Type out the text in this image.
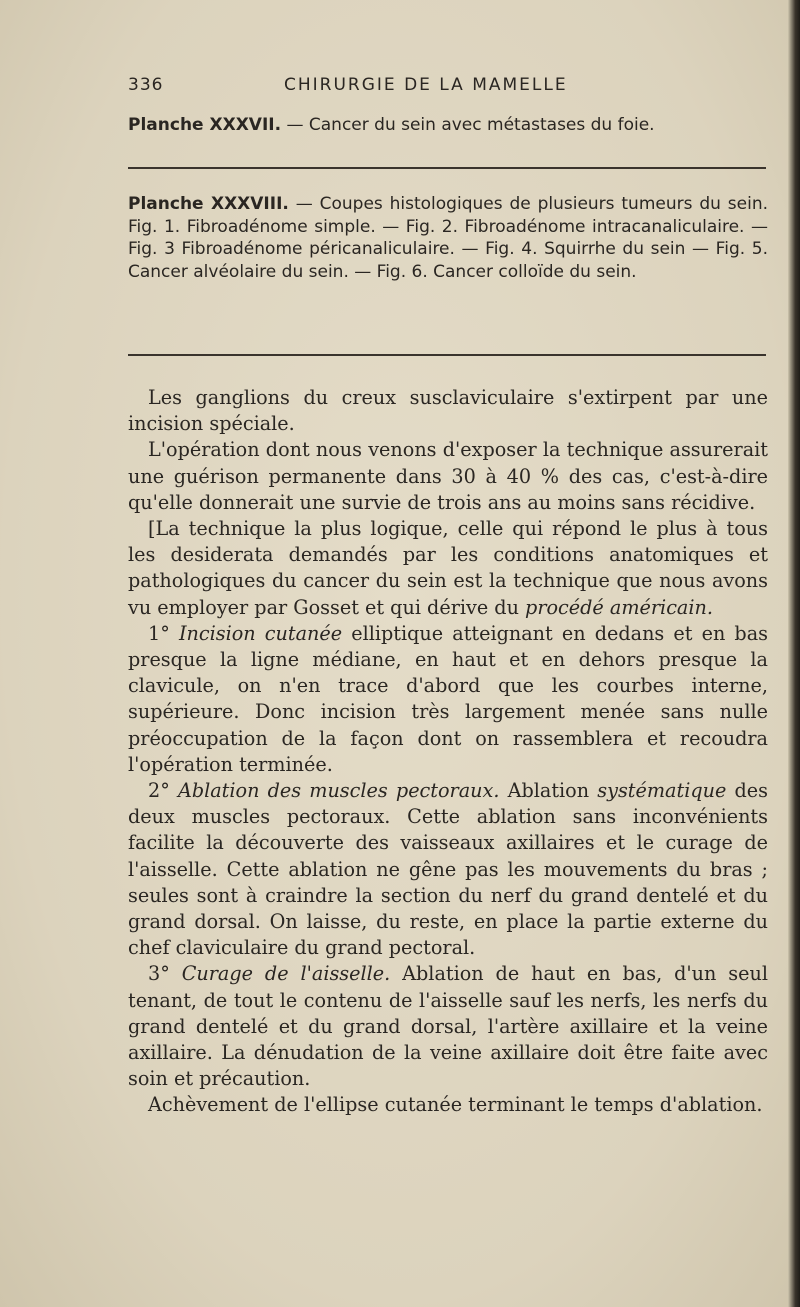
336	CHIRURGIE DE LA MAMELLE
Planche XXXVII. — Cancer du sein avec métastases du foie.
Planche XXXVIII. — Coupes histologiques de plusieurs tumeurs du sein. Fig. 1. Fibroadénome simple. — Fig. 2. Fibroadénome intracanaliculaire. — Fig. 3 Fibroadénome péricanaliculaire. — Fig. 4. Squirrhe du sein — Fig. 5. Cancer alvéolaire du sein. — Fig. 6. Cancer colloïde du sein.

Les ganglions du creux susclaviculaire s'extirpent par une incision spéciale.

L'opération dont nous venons d'exposer la technique assurerait une guérison permanente dans 30 à 40 % des cas, c'est-à-dire qu'elle donnerait une survie de trois ans au moins sans récidive.

[La technique la plus logique, celle qui répond le plus à tous les desiderata demandés par les conditions anatomiques et pathologiques du cancer du sein est la technique que nous avons vu employer par Gosset et qui dérive du procédé américain.

1° Incision cutanée elliptique atteignant en dedans et en bas presque la ligne médiane, en haut et en dehors presque la clavicule, on n'en trace d'abord que les courbes interne, supérieure. Donc incision très largement menée sans nulle préoccupation de la façon dont on rassemblera et recoudra l'opération terminée.

2° Ablation des muscles pectoraux. Ablation systématique des deux muscles pectoraux. Cette ablation sans inconvénients facilite la découverte des vaisseaux axillaires et le curage de l'aisselle. Cette ablation ne gêne pas les mouvements du bras ; seules sont à craindre la section du nerf du grand dentelé et du grand dorsal. On laisse, du reste, en place la partie externe du chef claviculaire du grand pectoral.

3° Curage de l'aisselle. Ablation de haut en bas, d'un seul tenant, de tout le contenu de l'aisselle sauf les nerfs, les nerfs du grand dentelé et du grand dorsal, l'artère axillaire et la veine axillaire. La dénudation de la veine axillaire doit être faite avec soin et précaution.

Achèvement de l'ellipse cutanée terminant le temps d'ablation.
